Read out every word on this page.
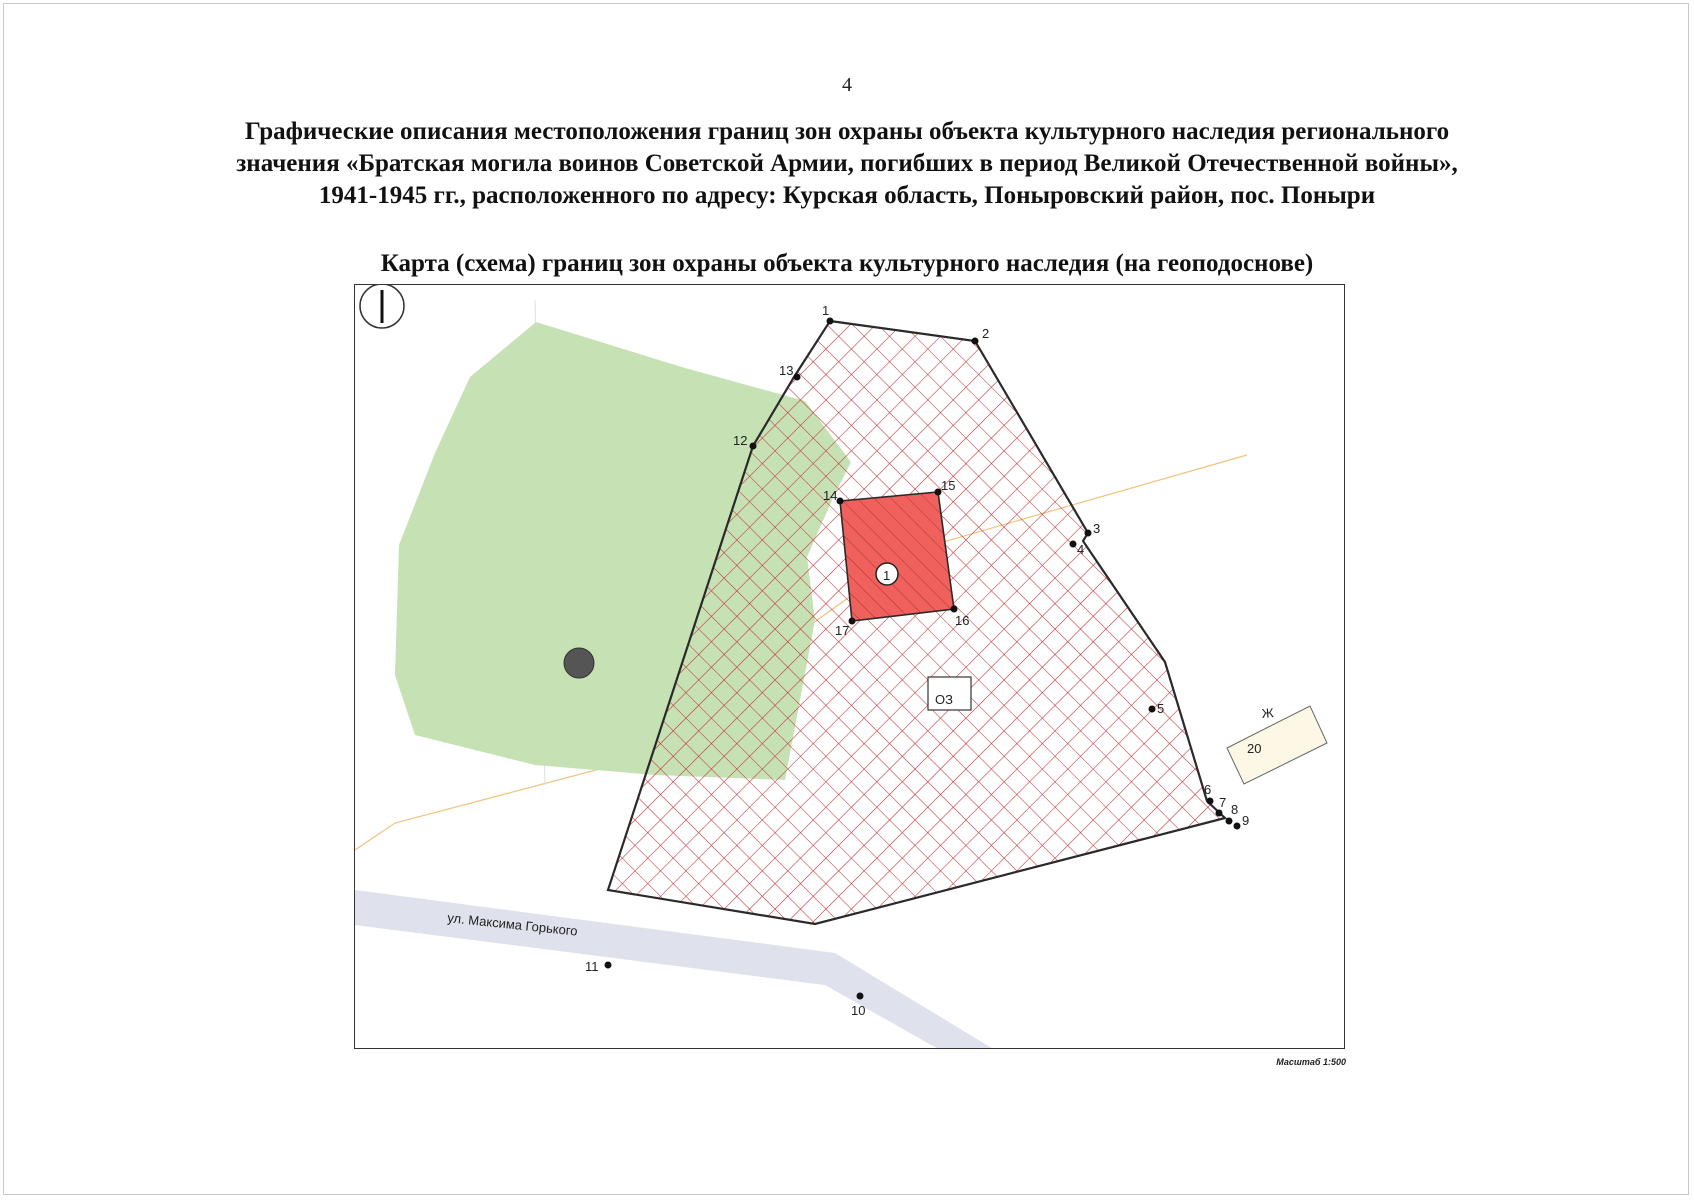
4
Графические описания местоположения границ зон охраны объекта культурного наследия регионального
значения «Братская могила воинов Советской Армии, погибших в период Великой Отечественной войны»,
1941-1945 гг., расположенного по адресу: Курская область, Поныровский район, пос. Поныри
Карта (схема) границ зон охраны объекта культурного наследия (на геоподоснове)
Ж
20
1
ОЗ
ул. Максима Горького
1
2
3
4
5
6
7 8
9
10
11
12
13
14
15
16
17
Масштаб 1:500
